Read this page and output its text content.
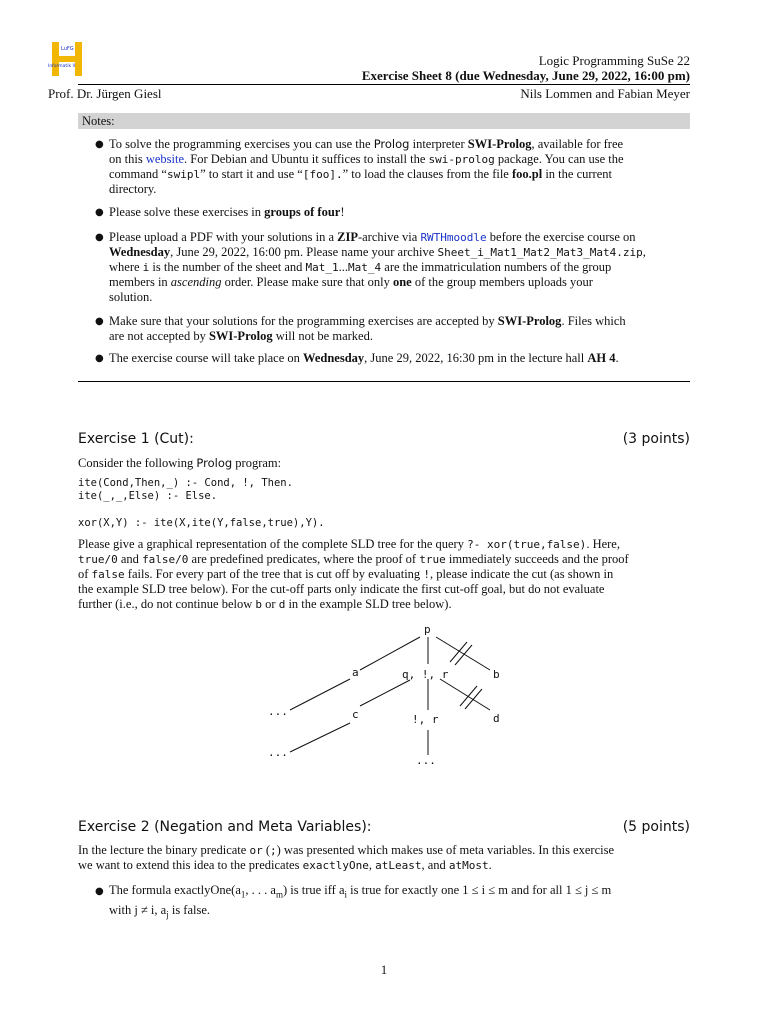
LuFG
Informatik II	Logic Programming SuSe 22
Exercise Sheet 8 (due Wednesday, June 29, 2022, 16:00 pm)
Prof. Dr. Jürgen Giesl	Nils Lommen and Fabian Meyer
Notes:
● To solve the programming exercises you can use the Prolog interpreter SWI-Prolog, available for free
on this website. For Debian and Ubuntu it suffices to install the swi-prolog package. You can use the
command “swipl” to start it and use “[foo].” to load the clauses from the file foo.pl in the current
directory.
● Please solve these exercises in groups of four!
● Please upload a PDF with your solutions in a ZIP-archive via RWTHmoodle before the exercise course on
Wednesday, June 29, 2022, 16:00 pm. Please name your archive Sheet_i_Mat1_Mat2_Mat3_Mat4.zip,
where i is the number of the sheet and Mat_1...Mat_4 are the immatriculation numbers of the group
members in ascending order. Please make sure that only one of the group members uploads your
solution.
● Make sure that your solutions for the programming exercises are accepted by SWI-Prolog. Files which
are not accepted by SWI-Prolog will not be marked.
● The exercise course will take place on Wednesday, June 29, 2022, 16:30 pm in the lecture hall AH 4.
Exercise 1 (Cut):	(3 points)
Consider the following Prolog program:
ite(Cond,Then,_) :- Cond, !, Then.
ite(_,_,Else) :- Else.
xor(X,Y) :- ite(X,ite(Y,false,true),Y).
Please give a graphical representation of the complete SLD tree for the query ?- xor(true,false). Here,
true/0 and false/0 are predefined predicates, where the proof of true immediately succeeds and the proof
of false fails. For every part of the tree that is cut off by evaluating !, please indicate the cut (as shown in
the example SLD tree below). For the cut-off parts only indicate the first cut-off goal, but do not evaluate
further (i.e., do not continue below b or d in the example SLD tree below).
p
a	q, !, r	b
...	c	!, r	d
...
...
Exercise 2 (Negation and Meta Variables):	(5 points)
In the lecture the binary predicate or (;) was presented which makes use of meta variables. In this exercise
we want to extend this idea to the predicates exactlyOne, atLeast, and atMost.
● The formula $exactlyOne(a_1$, . . . $a_m$) is true iff $a_i$ is true for exactly one 1 ≤ i ≤ m and for all 1 ≤ j ≤ m
with j ≠ i, $a_j$ is false.
1
